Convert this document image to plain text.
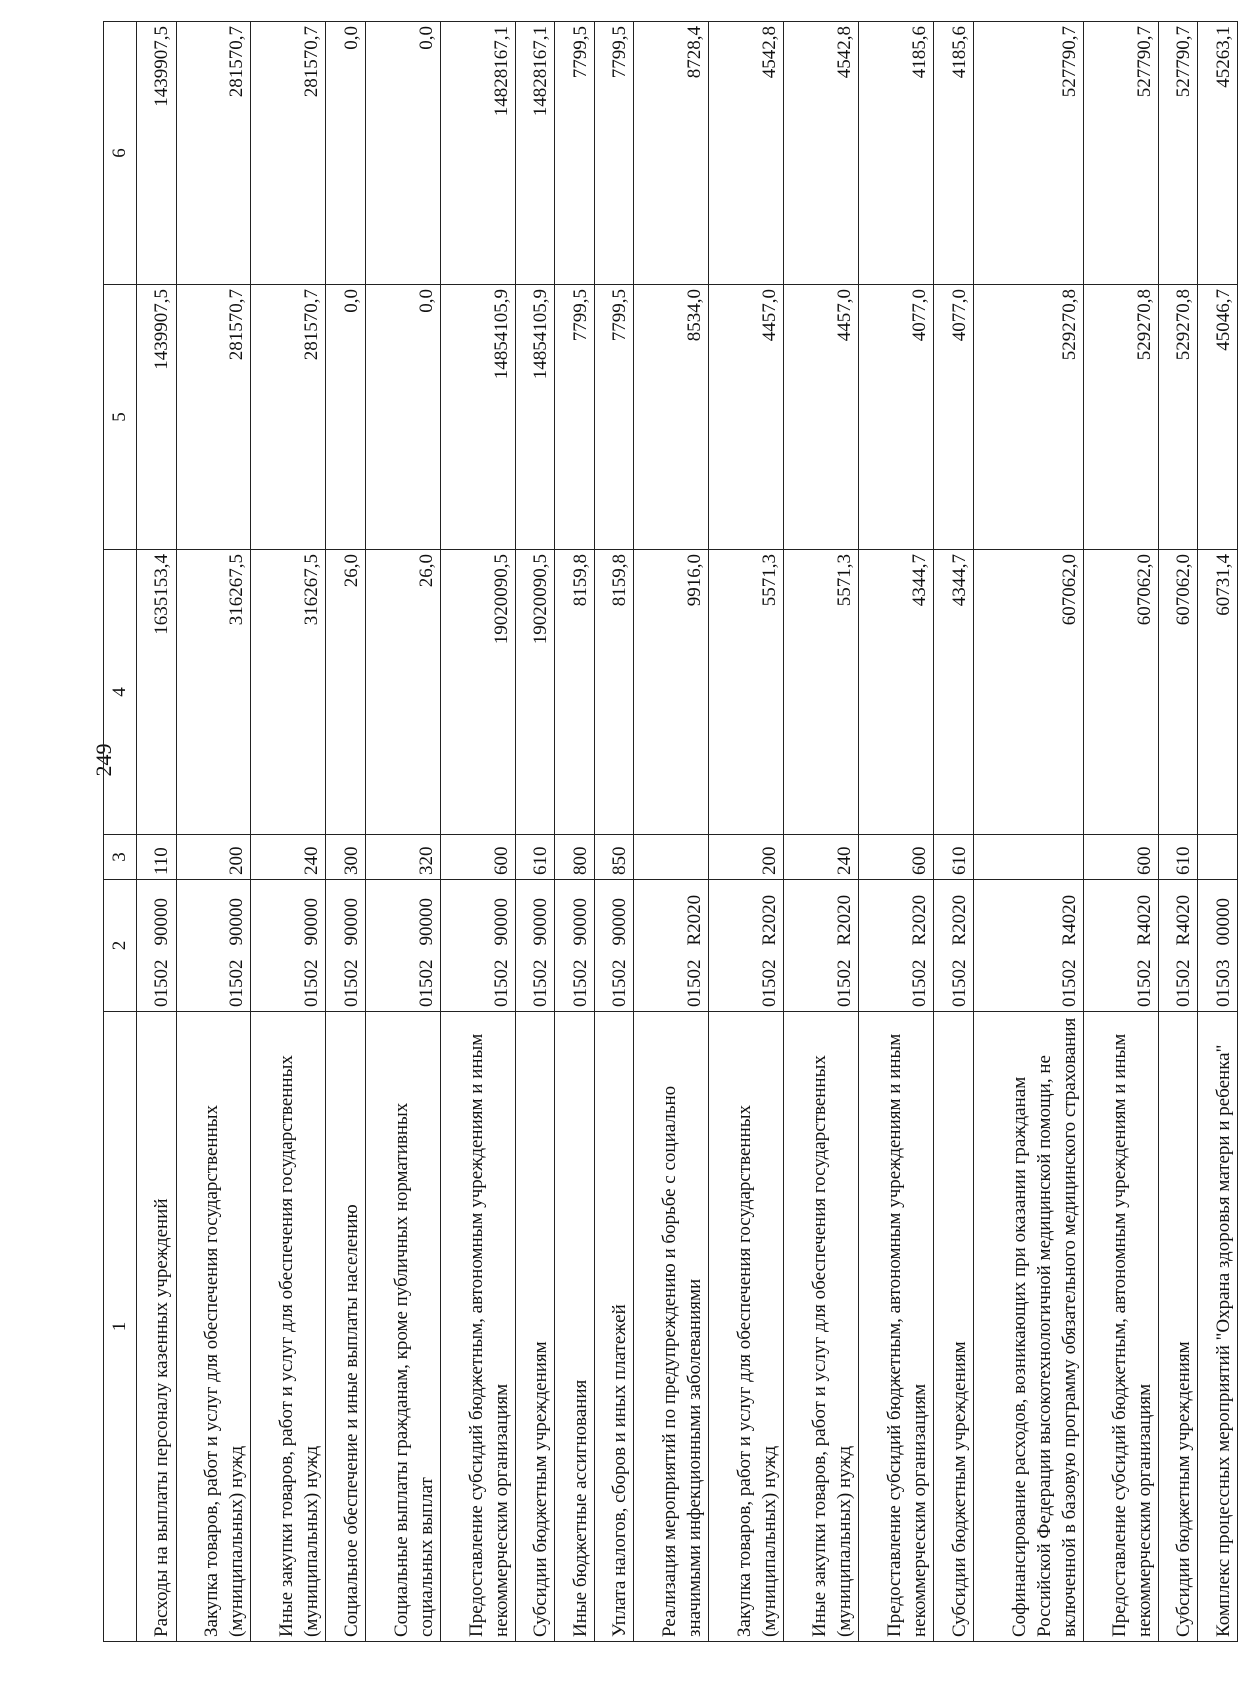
249
1	2		3	4	5	6
Расходы на выплаты персоналу казенных учреждений	01502	90000	110	1635153,4	1439907,5	1439907,5
Закупка товаров, работ и услуг для обеспечения государственных (муниципальных) нужд	01502	90000	200	316267,5	281570,7	281570,7
Иные закупки товаров, работ и услуг для обеспечения государственных (муниципальных) нужд	01502	90000	240	316267,5	281570,7	281570,7
Социальное обеспечение и иные выплаты населению	01502	90000	300	26,0	0,0	0,0
Социальные выплаты гражданам, кроме публичных нормативных социальных выплат	01502	90000	320	26,0	0,0	0,0
Предоставление субсидий бюджетным, автономным учреждениям и иным некоммерческим организациям	01502	90000	600	19020090,5	14854105,9	14828167,1
Субсидии бюджетным учреждениям	01502	90000	610	19020090,5	14854105,9	14828167,1
Иные бюджетные ассигнования	01502	90000	800	8159,8	7799,5	7799,5
Уплата налогов, сборов и иных платежей	01502	90000	850	8159,8	7799,5	7799,5
Реализация мероприятий по предупреждению и борьбе с социально значимыми инфекционными заболеваниями	01502	R2020		9916,0	8534,0	8728,4
Закупка товаров, работ и услуг для обеспечения государственных (муниципальных) нужд	01502	R2020	200	5571,3	4457,0	4542,8
Иные закупки товаров, работ и услуг для обеспечения государственных (муниципальных) нужд	01502	R2020	240	5571,3	4457,0	4542,8
Предоставление субсидий бюджетным, автономным учреждениям и иным некоммерческим организациям	01502	R2020	600	4344,7	4077,0	4185,6
Субсидии бюджетным учреждениям	01502	R2020	610	4344,7	4077,0	4185,6
Софинансирование расходов, возникающих при оказании гражданам Российской Федерации высокотехнологичной медицинской помощи, не включенной в базовую программу обязательного медицинского страхования	01502	R4020		607062,0	529270,8	527790,7
Предоставление субсидий бюджетным, автономным учреждениям и иным некоммерческим организациям	01502	R4020	600	607062,0	529270,8	527790,7
Субсидии бюджетным учреждениям	01502	R4020	610	607062,0	529270,8	527790,7
Комплекс процессных мероприятий "Охрана здоровья матери и ребенка"	01503	00000		60731,4	45046,7	45263,1
